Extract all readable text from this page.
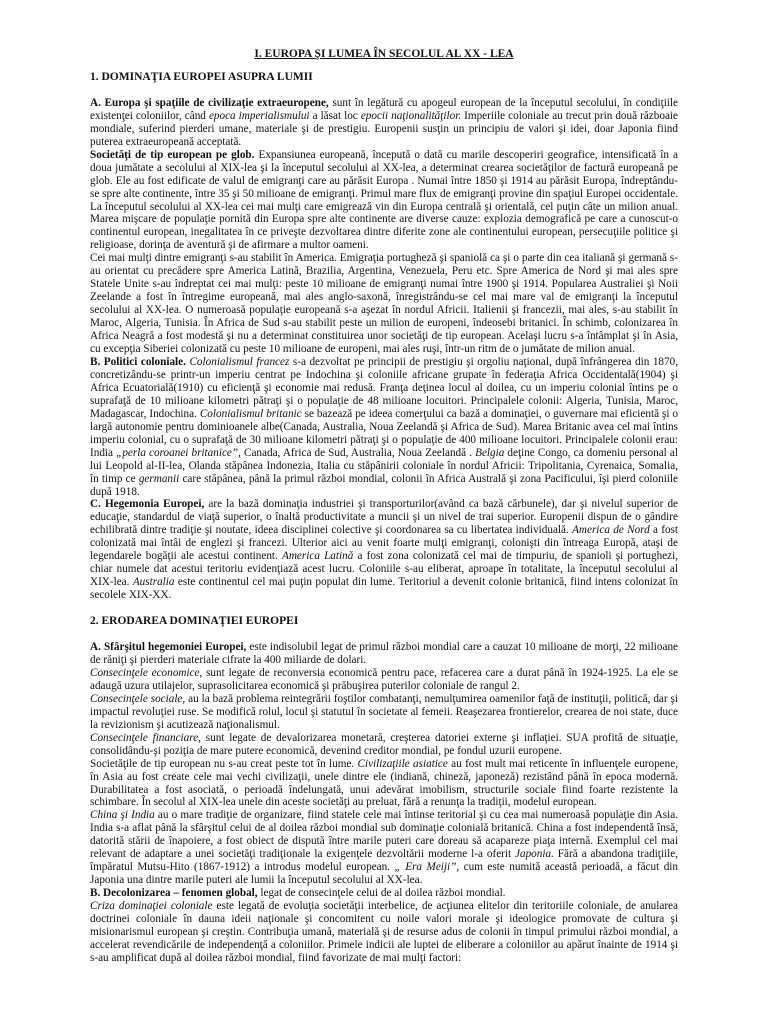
I. EUROPA ŞI LUMEA ÎN SECOLUL AL XX - LEA
1. DOMINAŢIA EUROPEI ASUPRA LUMII

A. Europa şi spaţiile de civilizaţie extraeuropene, sunt în legătură cu apogeul european de la începutul secolului, în condiţiile existenţei coloniilor, când epoca imperialismului a lăsat loc epocii naţionalităţilor. Imperiile coloniale au trecut prin două războaie mondiale, suferind pierderi umane, materiale şi de prestigiu. Europenii susţin un principiu de valori şi idei, doar Japonia fiind puterea extraeuropeană acceptată.

Societăţi de tip european pe glob. Expansiunea europeană, începută o dată cu marile descoperiri geografice, intensificată în a doua jumătate a secolului al XIX-lea şi la începutul secolului al XX-lea, a determinat crearea societăţilor de factură europeană pe glob. Ele au fost edificate de valul de emigranţi care au părăsit Europa . Numai între 1850 şi 1914 au părăsit Europa, îndreptându-se spre alte continente, între 35 şi 50 milioane de emigranţi. Primul mare flux de emigranţi provine din spaţiul Europei occidentale. La începutul secolului al XX-lea cei mai mulţi care emigrează vin din Europa centrală şi orientală, cel puţin câte un milion anual. Marea mişcare de populaţie pornită din Europa spre alte continente are diverse cauze: explozia demografică pe care a cunoscut-o continentul european, inegalitatea în ce priveşte dezvoltarea dintre diferite zone ale continentului european, persecuţiile politice şi religioase, dorinţa de aventură şi de afirmare a multor oameni.

Cei mai mulţi dintre emigranţi s-au stabilit în America. Emigraţia portugheză şi spaniolă ca şi o parte din cea italiană şi germană s-au orientat cu precădere spre America Latină, Brazilia, Argentina, Venezuela, Peru etc. Spre America de Nord şi mai ales spre Statele Unite s-au îndreptat cei mai mulţi: peste 10 milioane de emigranţi numai între 1900 şi 1914. Popularea Australiei şi Noii Zeelande a fost în întregime europeană, mai ales anglo-saxonă, înregistrându-se cel mai mare val de emigranţi la începutul secolului al XX-lea. O numeroasă populaţie europeană s-a aşezat în nordul Africii. Italienii şi francezii, mai ales, s-au stabilit în Maroc, Algeria, Tunisia. În Africa de Sud s-au stabilit peste un milion de europeni, îndeosebi britanici. În schimb, colonizarea în Africa Neagră a fost modestă şi nu a determinat constituirea unor societăţi de tip european. Acelaşi lucru s-a întâmplat şi în Asia, cu excepţia Siberiei colonizată cu peste 10 milioane de europeni, mai ales ruşi, într-un ritm de o jumătate de milion anual.

B. Politici coloniale. Colonialismul francez s-a dezvoltat pe principii de prestigiu şi orgoliu naţional, după înfrângerea din 1870, concretizându-se printr-un imperiu centrat pe Indochina şi coloniile africane grupate în federaţia Africa Occidentală(1904) şi Africa Ecuatorială(1910) cu eficienţă şi economie mai redusă. Franţa deţinea locul al doilea, cu un imperiu colonial întins pe o suprafaţă de 10 milioane kilometri pătraţi şi o populaţie de 48 milioane locuitori. Principalele colonii: Algeria, Tunisia, Maroc, Madagascar, Indochina. Colonialismul britanic se bazează pe ideea comerţului ca bază a dominaţiei, o guvernare mai eficientă şi o largă autonomie pentru dominioanele albe(Canada, Australia, Noua Zeelandă şi Africa de Sud). Marea Britanic avea cel mai întins imperiu colonial, cu o suprafaţă de 30 milioane kilometri pătraţi şi o populaţie de 400 milioane locuitori. Principalele colonii erau: India „perla coroanei britanice”, Canada, Africa de Sud, Australia, Noua Zeelandă . Belgia deţine Congo, ca domeniu personal al lui Leopold al-II-lea, Olanda stăpânea Indonezia, Italia cu stăpânirii coloniale în nordul Africii: Tripolitania, Cyrenaica, Somalia, în timp ce germanii care stăpânea, până la primul război mondial, colonii în Africa Australă şi zona Pacificului, îşi pierd coloniile după 1918.

C. Hegemonia Europei, are la bază dominaţia industriei şi transporturilor(având ca bază cărbunele), dar şi nivelul superior de educaţie, standardul de viaţă superior, o înaltă productivitate a muncii şi un nivel de trai superior. Europenii dispun de o gândire echilibrată dintre tradiţie şi noutate, ideea disciplinei colective şi coordonarea sa cu libertatea individuală. America de Nord a fost colonizată mai întâi de englezi şi francezi. Ulterior aici au venit foarte mulţi emigranţi, colonişti din întreaga Europă, ataşi de legendarele bogăţii ale acestui continent. America Latină a fost zona colonizată cel mai de timpuriu, de spanioli şi portughezi, chiar numele dat acestui teritoriu evidenţiază acest lucru. Coloniile s-au eliberat, aproape în totalitate, la începutul secolului al XIX-lea. Australia este continentul cel mai puţin populat din lume. Teritoriul a devenit colonie britanică, fiind intens colonizat în secolele XIX-XX.

2. ERODAREA DOMINAŢIEI EUROPEI

A. Sfârşitul hegemoniei Europei, este indisolubil legat de primul război mondial care a cauzat 10 milioane de morţi, 22 milioane de răniţi şi pierderi materiale cifrate la 400 miliarde de dolari.

Consecinţele economice, sunt legate de reconversia economică pentru pace, refacerea care a durat până în 1924-1925. La ele se adaugă uzura utilajelor, suprasolicitarea economică şi prăbuşirea puterilor coloniale de rangul 2.

Consecinţele sociale, au la bază problema reintegrării foştilor combatanţi, nemulţumirea oamenilor faţă de instituţii, politică, dar şi impactul revoluţiei ruse. Se modifică rolul, locul şi statutul în societate al femeii. Reaşezarea frontierelor, crearea de noi state, duce la revizionism şi acutizează naţionalismul.

Consecinţele financiare, sunt legate de devalorizarea monetară, creşterea datoriei externe şi inflaţiei. SUA profită de situaţie, consolidându-şi poziţia de mare putere economică, devenind creditor mondial, pe fondul uzurii europene.

Societăţile de tip european nu s-au creat peste tot în lume. Civilizaţiile asiatice au fost mult mai reticente în influenţele europene, în Asia au fost create cele mai vechi civilizaţii, unele dintre ele (indiană, chineză, japoneză) rezistând până în epoca modernă. Durabilitatea a fost asociată, o perioadă îndelungată, unui adevărat imobilism, structurile sociale fiind foarte rezistente la schimbare. În secolul al XIX-lea unele din aceste societăţi au preluat, fără a renunţa la tradiţii, modelul european.

China şi India au o mare tradiţie de organizare, fiind statele cele mai întinse teritorial şi cu cea mai numeroasă populaţie din Asia. India s-a aflat până la sfârşitul celui de al doilea război mondial sub dominaţie colonială britanică. China a fost independentă însă, datorită stării de înapoiere, a fost obiect de dispută între marile puteri care doreau să acapareze piaţa internă. Exemplul cel mai relevant de adaptare a unei societăţi tradiţionale la exigenţele dezvoltării moderne l-a oferit Japonia. Fără a abandona tradiţiile, împăratul Mutsu-Hito (1867-1912) a introdus modelul european. „ Era Meiji”, cum este numită această perioadă, a făcut din Japonia una dintre marile puteri ale lumii la începutul secolului al XX-lea.

B. Decolonizarea – fenomen global, legat de consecinţele celui de al doilea război mondial.

Criza dominaţiei coloniale este legată de evoluţia societăţii interbelice, de acţiunea elitelor din teritoriile coloniale, de anularea doctrinei coloniale în dauna ideii naţionale şi concomitent cu noile valori morale şi ideologice promovate de cultura şi misionarismul european şi creştin. Contribuţia umană, materială şi de resurse adus de colonii în timpul primului război mondial, a accelerat revendicările de independenţă a coloniilor. Primele indicii ale luptei de eliberare a coloniilor au apărut înainte de 1914 şi s-au amplificat după al doilea război mondial, fiind favorizate de mai mulţi factori:
